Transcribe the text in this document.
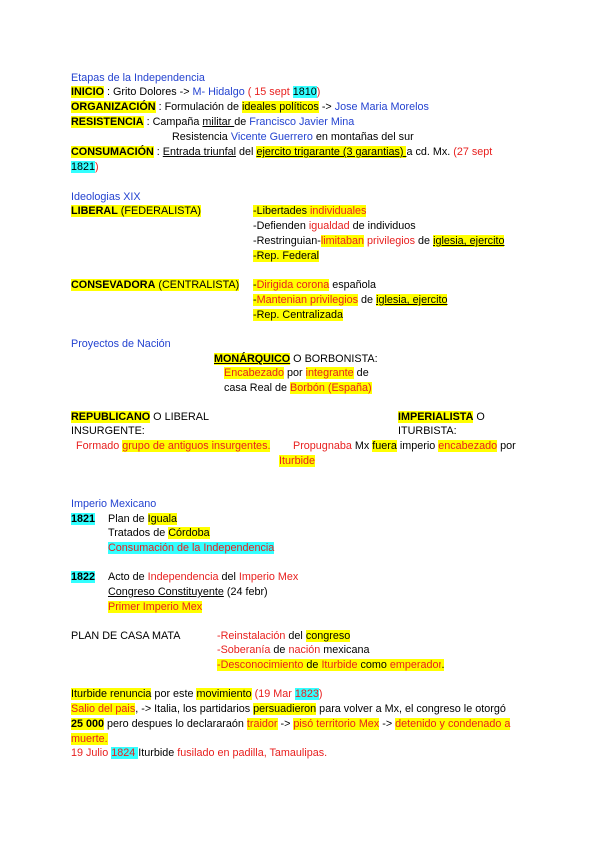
Etapas de la Independencia
INICIO : Grito Dolores -> M- Hidalgo ( 15 sept 1810)
ORGANIZACIÓN : Formulación de ideales políticos -> Jose Maria Morelos
RESISTENCIA : Campaña militar de Francisco Javier Mina
Resistencia Vicente Guerrero en montañas del sur
CONSUMACIÓN : Entrada triunfal del ejercito trigarante (3 garantias) a cd. Mx. (27 sept
1821)
Ideologias XIX
LIBERAL (FEDERALISTA)	-Libertades individuales
-Defienden igualdad de individuos
-Restringuian-limitaban privilegios de iglesia, ejercito
-Rep. Federal
CONSEVADORA (CENTRALISTA) -Dirigida corona española
-Mantenian privilegios de iglesia, ejercito
-Rep. Centralizada
Proyectos de Nación
MONÁRQUICO O BORBONISTA:
Encabezado por integrante de
casa Real de Borbón (España)
REPUBLICANO O LIBERAL
INSURGENTE:
Formado grupo de antiguos insurgentes.
IMPERIALISTA O
ITURBISTA:
Propugnaba Mx fuera imperio encabezado por
Iturbide
Imperio Mexicano
1821 Plan de Iguala
Tratados de Córdoba
Consumación de la Independencia
1822 Acto de Independencia del Imperio Mex
Congreso Constituyente (24 febr)
Primer Imperio Mex
PLAN DE CASA MATA	-Reinstalación del congreso
-Soberanía de nación mexicana
-Desconocimiento de Iturbide como emperador.
Iturbide renuncia por este movimiento (19 Mar 1823)
Salio del pais, -> Italia, los partidarios persuadieron para volver a Mx, el congreso le otorgó
25 000 pero despues lo declararaón traidor -> pisó territorio Mex -> detenido y condenado a
muerte.
19 Julio 1824 Iturbide fusilado en padilla, Tamaulipas.
